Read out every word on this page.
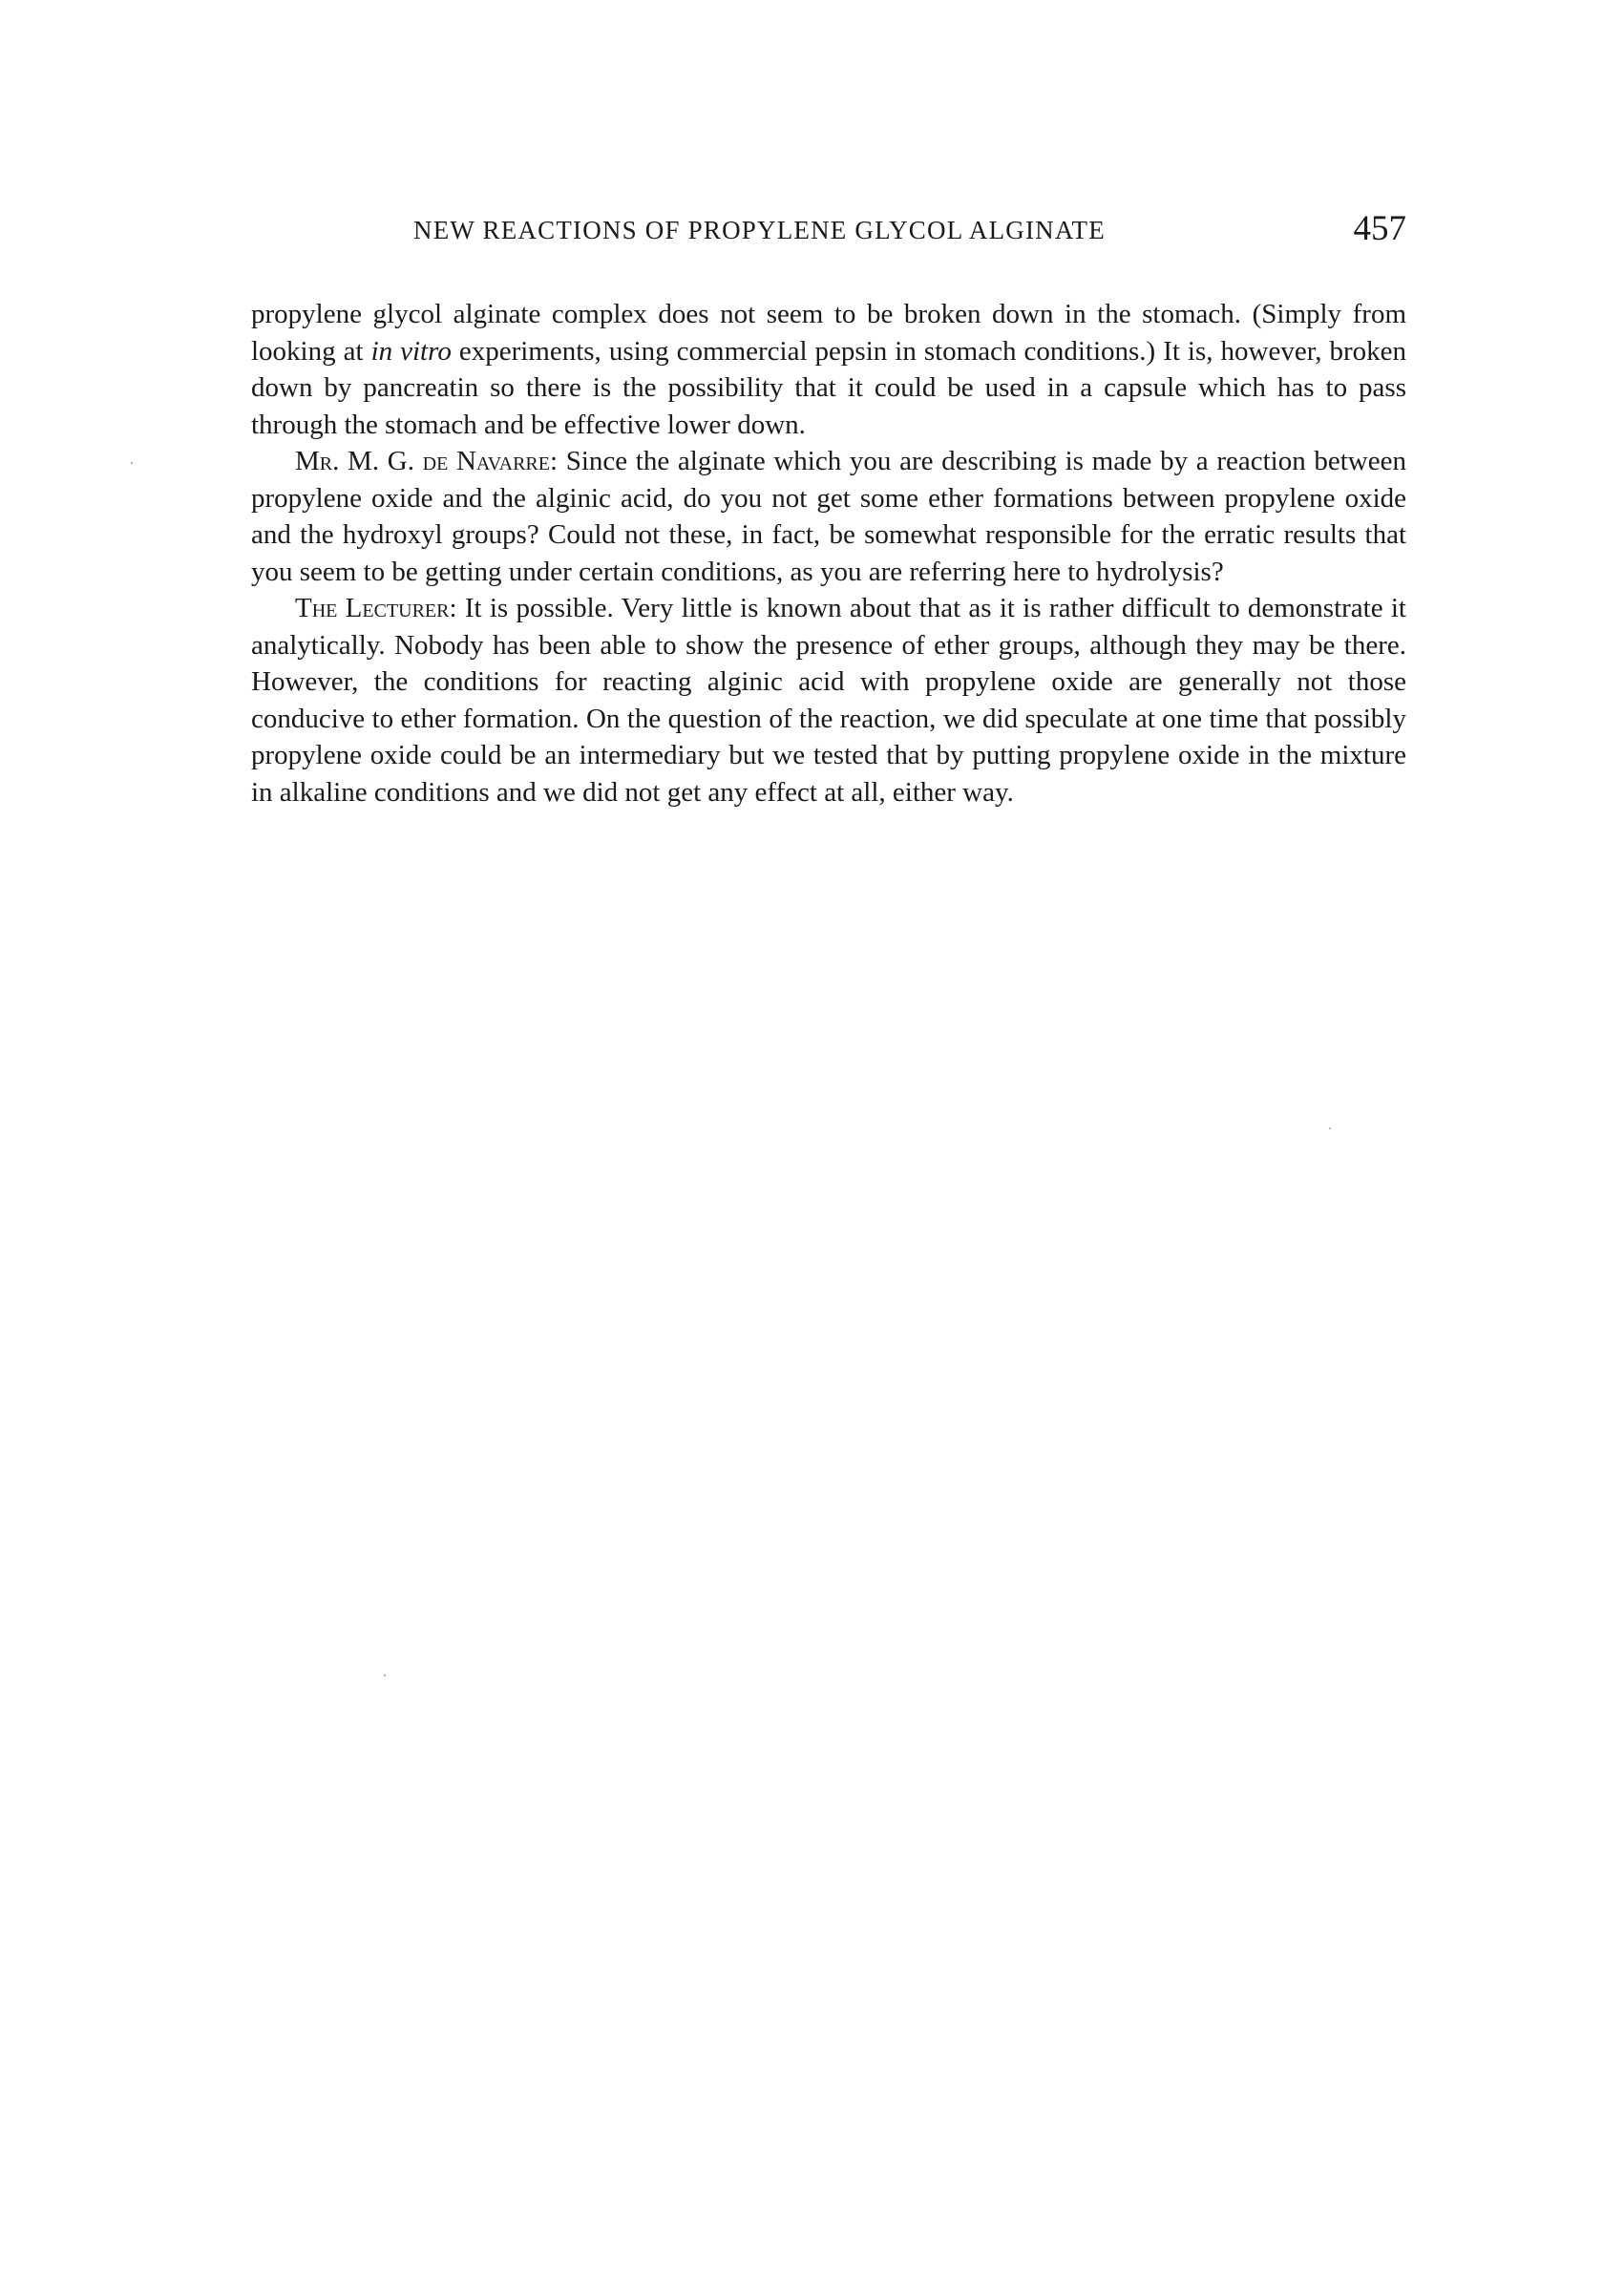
NEW REACTIONS OF PROPYLENE GLYCOL ALGINATE	457

propylene glycol alginate complex does not seem to be broken down in the stomach. (Simply from looking at in vitro experiments, using commercial pepsin in stomach conditions.) It is, however, broken down by pancreatin so there is the possibility that it could be used in a capsule which has to pass through the stomach and be effective lower down.

Mr. M. G. de Navarre: Since the alginate which you are describing is made by a reaction between propylene oxide and the alginic acid, do you not get some ether formations between propylene oxide and the hydroxyl groups? Could not these, in fact, be somewhat responsible for the erratic results that you seem to be getting under certain conditions, as you are referring here to hydrolysis?

The Lecturer: It is possible. Very little is known about that as it is rather difficult to demonstrate it analytically. Nobody has been able to show the presence of ether groups, although they may be there. However, the conditions for reacting alginic acid with propylene oxide are generally not those conducive to ether formation. On the question of the reaction, we did speculate at one time that possibly propylene oxide could be an intermediary but we tested that by putting propylene oxide in the mixture in alkaline conditions and we did not get any effect at all, either way.
